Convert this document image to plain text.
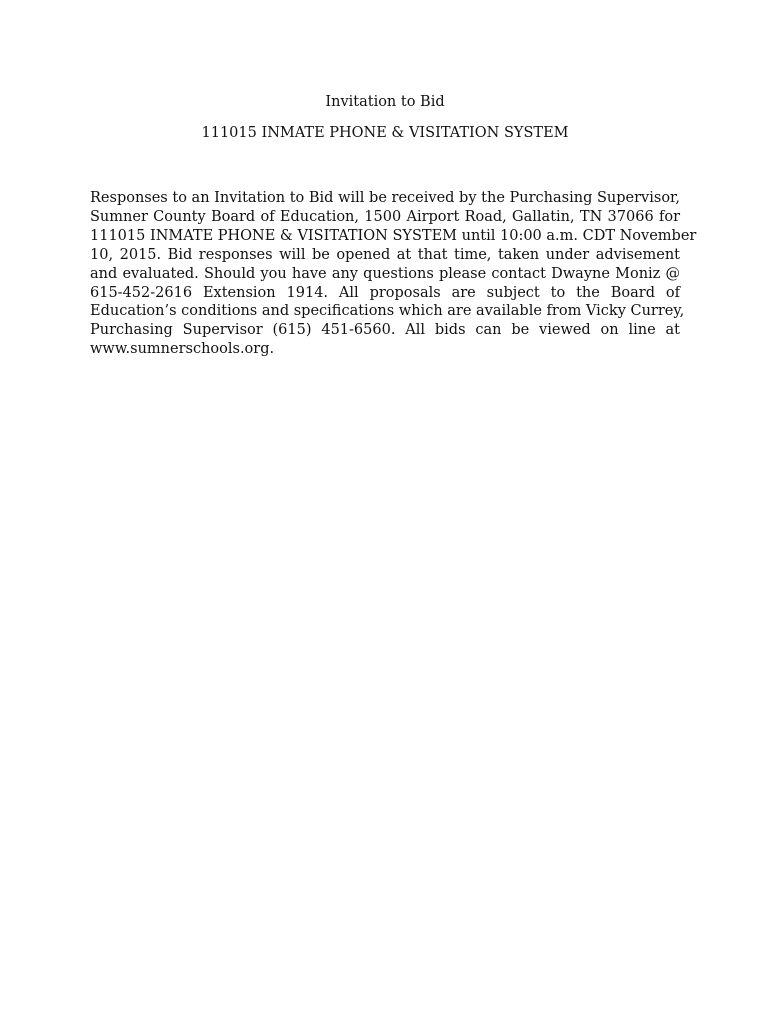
Invitation to Bid
111015 INMATE PHONE & VISITATION SYSTEM

Responses to an Invitation to Bid will be received by the Purchasing Supervisor,
Sumner County Board of Education, 1500 Airport Road, Gallatin, TN 37066 for
111015 INMATE PHONE & VISITATION SYSTEM until 10:00 a.m. CDT November
10, 2015. Bid responses will be opened at that time, taken under advisement
and evaluated. Should you have any questions please contact Dwayne Moniz @
615-452-2616 Extension 1914. All proposals are subject to the Board of
Education’s conditions and specifications which are available from Vicky Currey,
Purchasing Supervisor (615) 451-6560. All bids can be viewed on line at
www.sumnerschools.org.
